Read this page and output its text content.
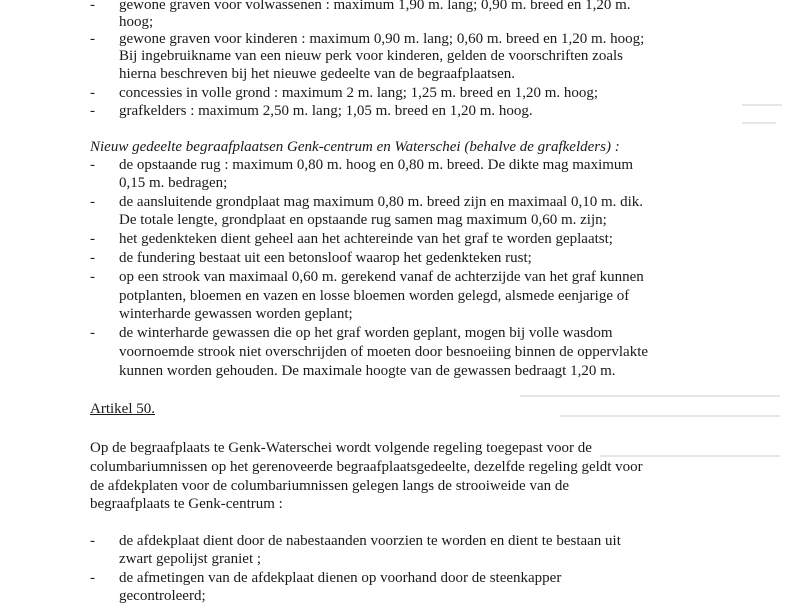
- gewone graven voor volwassenen : maximum 1,90 m. lang; 0,90 m. breed en 1,20 m.
hoog;
- gewone graven voor kinderen : maximum 0,90 m. lang; 0,60 m. breed en 1,20 m. hoog;
Bij ingebruikname van een nieuw perk voor kinderen, gelden de voorschriften zoals
hierna beschreven bij het nieuwe gedeelte van de begraafplaatsen.
- concessies in volle grond : maximum 2 m. lang; 1,25 m. breed en 1,20 m. hoog;
- grafkelders : maximum 2,50 m. lang; 1,05 m. breed en 1,20 m. hoog.
Nieuw gedeelte begraafplaatsen Genk-centrum en Waterschei (behalve de grafkelders) :
- de opstaande rug : maximum 0,80 m. hoog en 0,80 m. breed. De dikte mag maximum
0,15 m. bedragen;
- de aansluitende grondplaat mag maximum 0,80 m. breed zijn en maximaal 0,10 m. dik.
De totale lengte, grondplaat en opstaande rug samen mag maximum 0,60 m. zijn;
- het gedenkteken dient geheel aan het achtereinde van het graf te worden geplaatst;
- de fundering bestaat uit een betonsloof waarop het gedenkteken rust;
- op een strook van maximaal 0,60 m. gerekend vanaf de achterzijde van het graf kunnen
potplanten, bloemen en vazen en losse bloemen worden gelegd, alsmede eenjarige of
winterharde gewassen worden geplant;
- de winterharde gewassen die op het graf worden geplant, mogen bij volle wasdom
voornoemde strook niet overschrijden of moeten door besnoeiing binnen de oppervlakte
kunnen worden gehouden. De maximale hoogte van de gewassen bedraagt 1,20 m.
Artikel 50.
Op de begraafplaats te Genk-Waterschei wordt volgende regeling toegepast voor de
columbariumnissen op het gerenoveerde begraafplaatsgedeelte, dezelfde regeling geldt voor
de afdekplaten voor de columbariumnissen gelegen langs de strooiweide van de
begraafplaats te Genk-centrum :
- de afdekplaat dient door de nabestaanden voorzien te worden en dient te bestaan uit
zwart gepolijst graniet ;
- de afmetingen van de afdekplaat dienen op voorhand door de steenkapper
gecontroleerd;
